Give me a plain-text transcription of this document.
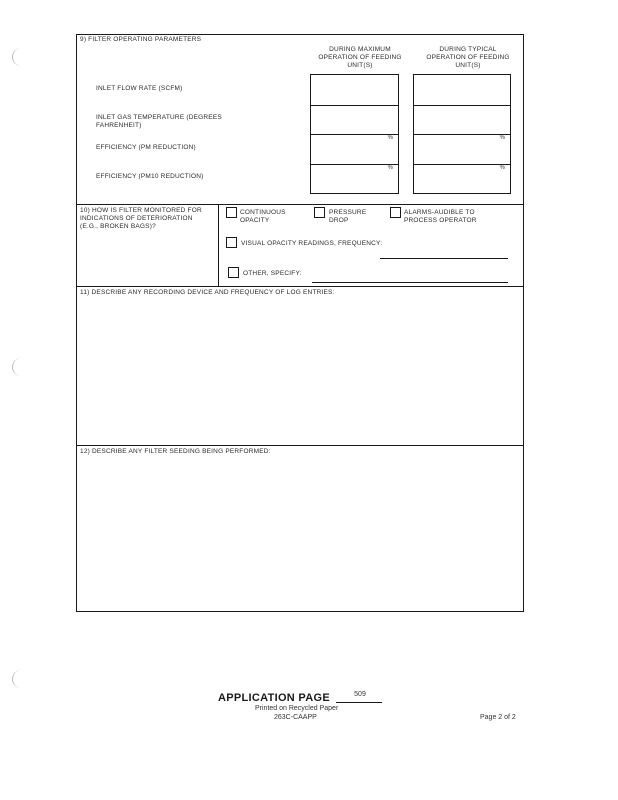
9) FILTER OPERATING PARAMETERS
DURING MAXIMUM OPERATION OF FEEDING UNIT(S)
DURING TYPICAL OPERATION OF FEEDING UNIT(S)
INLET FLOW RATE (SCFM)
INLET GAS TEMPERATURE (DEGREES FAHRENHEIT)
EFFICIENCY (PM REDUCTION)
EFFICIENCY (PM10 REDUCTION)
%
%
%
%
10) HOW IS FILTER MONITORED FOR INDICATIONS OF DETERIORATION (E.G., BROKEN BAGS)?
CONTINUOUS OPACITY
PRESSURE DROP
ALARMS-AUDIBLE TO PROCESS OPERATOR
VISUAL OPACITY READINGS, FREQUENCY:
OTHER, SPECIFY:
11) DESCRIBE ANY RECORDING DEVICE AND FREQUENCY OF LOG ENTRIES:
12) DESCRIBE ANY FILTER SEEDING BEING PERFORMED:
APPLICATION PAGE	509
Printed on Recycled Paper
263C-CAAPP	Page 2 of 2
